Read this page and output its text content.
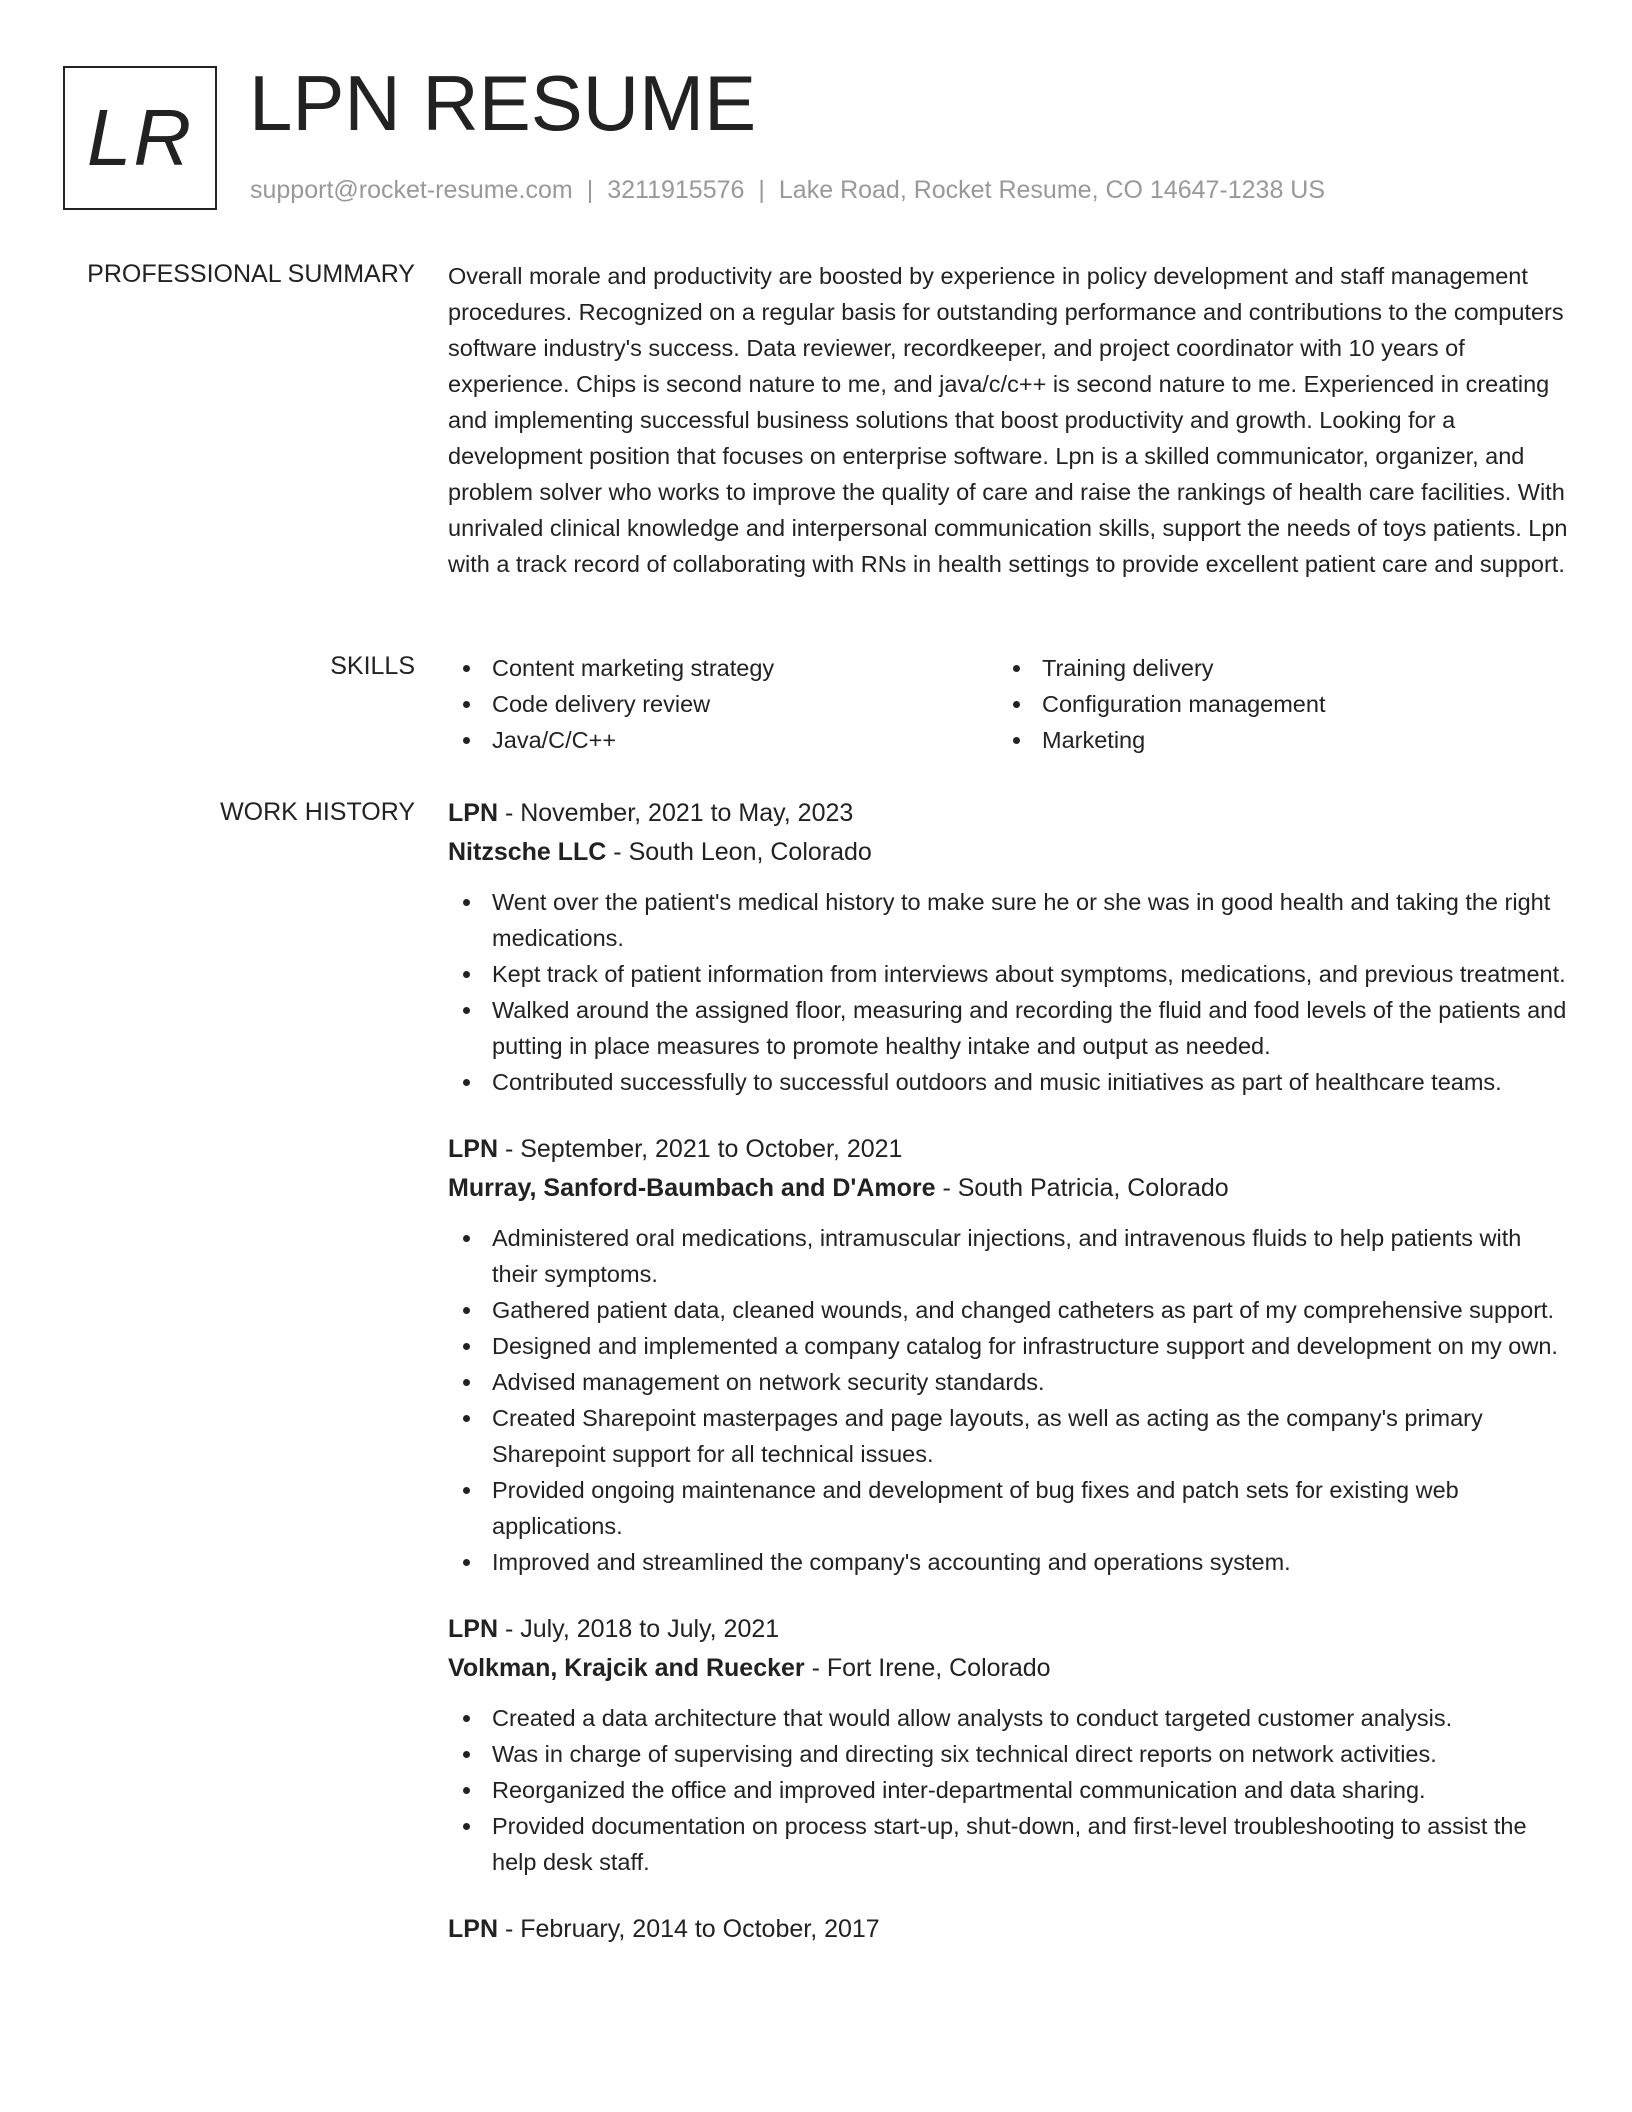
LR LPN RESUME
support@rocket-resume.com | 3211915576 | Lake Road, Rocket Resume, CO 14647-1238 US
PROFESSIONAL SUMMARY Overall morale and productivity are boosted by experience in policy development and staff management procedures. Recognized on a regular basis for outstanding performance and contributions to the computers software industry's success. Data reviewer, recordkeeper, and project coordinator with 10 years of experience. Chips is second nature to me, and java/c/c++ is second nature to me. Experienced in creating and implementing successful business solutions that boost productivity and growth. Looking for a development position that focuses on enterprise software. Lpn is a skilled communicator, organizer, and problem solver who works to improve the quality of care and raise the rankings of health care facilities. With unrivaled clinical knowledge and interpersonal communication skills, support the needs of toys patients. Lpn with a track record of collaborating with RNs in health settings to provide excellent patient care and support.

SKILLS	Content marketing strategy
Code delivery review
Java/C/C++
Training delivery
Configuration management
Marketing
WORK HISTORY LPN - November, 2021 to May, 2023
Nitzsche LLC - South Leon, Colorado
Went over the patient's medical history to make sure he or she was in good health and taking the right medications.
Kept track of patient information from interviews about symptoms, medications, and previous treatment.
Walked around the assigned floor, measuring and recording the fluid and food levels of the patients and putting in place measures to promote healthy intake and output as needed.
Contributed successfully to successful outdoors and music initiatives as part of healthcare teams.
LPN - September, 2021 to October, 2021
Murray, Sanford-Baumbach and D'Amore - South Patricia, Colorado
Administered oral medications, intramuscular injections, and intravenous fluids to help patients with their symptoms.
Gathered patient data, cleaned wounds, and changed catheters as part of my comprehensive support.
Designed and implemented a company catalog for infrastructure support and development on my own.
Advised management on network security standards.
Created Sharepoint masterpages and page layouts, as well as acting as the company's primary Sharepoint support for all technical issues.
Provided ongoing maintenance and development of bug fixes and patch sets for existing web applications.
Improved and streamlined the company's accounting and operations system.
LPN - July, 2018 to July, 2021
Volkman, Krajcik and Ruecker - Fort Irene, Colorado
Created a data architecture that would allow analysts to conduct targeted customer analysis.
Was in charge of supervising and directing six technical direct reports on network activities.
Reorganized the office and improved inter-departmental communication and data sharing.
Provided documentation on process start-up, shut-down, and first-level troubleshooting to assist the help desk staff.
LPN - February, 2014 to October, 2017
